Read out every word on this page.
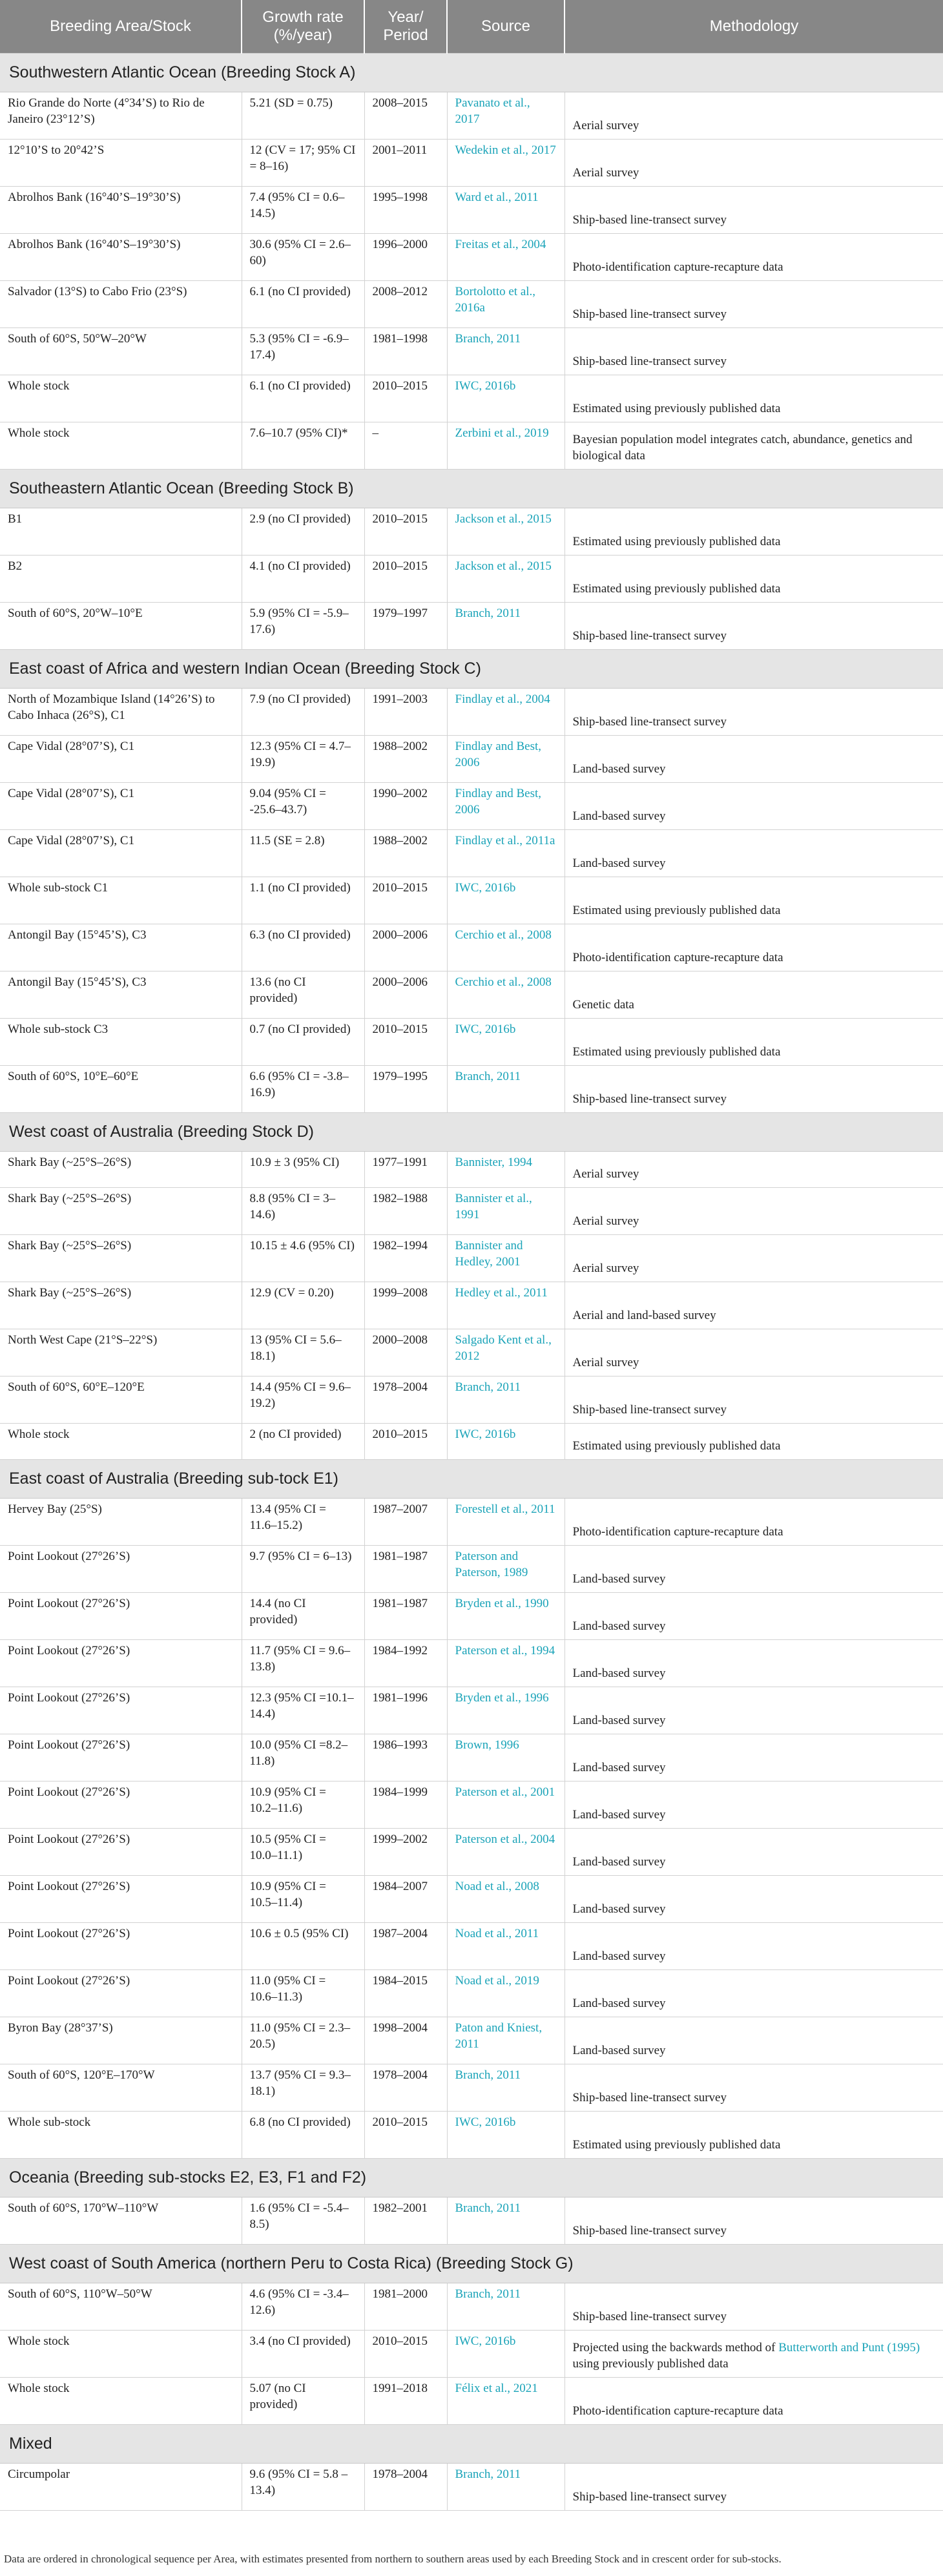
Breeding Area/Stock	Growth rate (%/year)	Year/ Period	Source	Methodology
Southwestern Atlantic Ocean (Breeding Stock A)				
Rio Grande do Norte (4°34’S) to Rio de Janeiro (23°12’S)	5.21 (SD = 0.75)	2008–2015	Pavanato et al., 2017	Aerial survey
12°10’S to 20°42’S	12 (CV = 17; 95% CI = 8–16)	2001–2011	Wedekin et al., 2017	Aerial survey
Abrolhos Bank (16°40’S–19°30’S)	7.4 (95% CI = 0.6–14.5)	1995–1998	Ward et al., 2011	Ship-based line-transect survey
Abrolhos Bank (16°40’S–19°30’S)	30.6 (95% CI = 2.6–60)	1996–2000	Freitas et al., 2004	Photo-identification capture-recapture data
Salvador (13°S) to Cabo Frio (23°S)	6.1 (no CI provided)	2008–2012	Bortolotto et al., 2016a	Ship-based line-transect survey
South of 60°S, 50°W–20°W	5.3 (95% CI = -6.9–17.4)	1981–1998	Branch, 2011	Ship-based line-transect survey
Whole stock	6.1 (no CI provided)	2010–2015	IWC, 2016b	Estimated using previously published data
Whole stock	7.6–10.7 (95% CI)*	–	Zerbini et al., 2019	Bayesian population model integrates catch, abundance, genetics and biological data
Southeastern Atlantic Ocean (Breeding Stock B)				
B1	2.9 (no CI provided)	2010–2015	Jackson et al., 2015	Estimated using previously published data
B2	4.1 (no CI provided)	2010–2015	Jackson et al., 2015	Estimated using previously published data
South of 60°S, 20°W–10°E	5.9 (95% CI = -5.9–17.6)	1979–1997	Branch, 2011	Ship-based line-transect survey
East coast of Africa and western Indian Ocean (Breeding Stock C)				
North of Mozambique Island (14°26’S) to Cabo Inhaca (26°S), C1	7.9 (no CI provided)	1991–2003	Findlay et al., 2004	Ship-based line-transect survey
Cape Vidal (28°07’S), C1	12.3 (95% CI = 4.7–19.9)	1988–2002	Findlay and Best, 2006	Land-based survey
Cape Vidal (28°07’S), C1	9.04 (95% CI = -25.6–43.7)	1990–2002	Findlay and Best, 2006	Land-based survey
Cape Vidal (28°07’S), C1	11.5 (SE = 2.8)	1988–2002	Findlay et al., 2011a	Land-based survey
Whole sub-stock C1	1.1 (no CI provided)	2010–2015	IWC, 2016b	Estimated using previously published data
Antongil Bay (15°45’S), C3	6.3 (no CI provided)	2000–2006	Cerchio et al., 2008	Photo-identification capture-recapture data
Antongil Bay (15°45’S), C3	13.6 (no CI provided)	2000–2006	Cerchio et al., 2008	Genetic data
Whole sub-stock C3	0.7 (no CI provided)	2010–2015	IWC, 2016b	Estimated using previously published data
South of 60°S, 10°E–60°E	6.6 (95% CI = -3.8–16.9)	1979–1995	Branch, 2011	Ship-based line-transect survey
West coast of Australia (Breeding Stock D)				
Shark Bay (~25°S–26°S)	10.9 ± 3 (95% CI)	1977–1991	Bannister, 1994	Aerial survey
Shark Bay (~25°S–26°S)	8.8 (95% CI = 3–14.6)	1982–1988	Bannister et al., 1991	Aerial survey
Shark Bay (~25°S–26°S)	10.15 ± 4.6 (95% CI)	1982–1994	Bannister and Hedley, 2001	Aerial survey
Shark Bay (~25°S–26°S)	12.9 (CV = 0.20)	1999–2008	Hedley et al., 2011	Aerial and land-based survey
North West Cape (21°S–22°S)	13 (95% CI = 5.6–18.1)	2000–2008	Salgado Kent et al., 2012	Aerial survey
South of 60°S, 60°E–120°E	14.4 (95% CI = 9.6–19.2)	1978–2004	Branch, 2011	Ship-based line-transect survey
Whole stock	2 (no CI provided)	2010–2015	IWC, 2016b	Estimated using previously published data
East coast of Australia (Breeding sub-tock E1)				
Hervey Bay (25°S)	13.4 (95% CI = 11.6–15.2)	1987–2007	Forestell et al., 2011	Photo-identification capture-recapture data
Point Lookout (27°26’S)	9.7 (95% CI = 6–13)	1981–1987	Paterson and Paterson, 1989	Land-based survey
Point Lookout (27°26’S)	14.4 (no CI provided)	1981–1987	Bryden et al., 1990	Land-based survey
Point Lookout (27°26’S)	11.7 (95% CI = 9.6–13.8)	1984–1992	Paterson et al., 1994	Land-based survey
Point Lookout (27°26’S)	12.3 (95% CI =10.1–14.4)	1981–1996	Bryden et al., 1996	Land-based survey
Point Lookout (27°26’S)	10.0 (95% CI =8.2–11.8)	1986–1993	Brown, 1996	Land-based survey
Point Lookout (27°26’S)	10.9 (95% CI = 10.2–11.6)	1984–1999	Paterson et al., 2001	Land-based survey
Point Lookout (27°26’S)	10.5 (95% CI = 10.0–11.1)	1999–2002	Paterson et al., 2004	Land-based survey
Point Lookout (27°26’S)	10.9 (95% CI = 10.5–11.4)	1984–2007	Noad et al., 2008	Land-based survey
Point Lookout (27°26’S)	10.6 ± 0.5 (95% CI)	1987–2004	Noad et al., 2011	Land-based survey
Point Lookout (27°26’S)	11.0 (95% CI = 10.6–11.3)	1984–2015	Noad et al., 2019	Land-based survey
Byron Bay (28°37’S)	11.0 (95% CI = 2.3–20.5)	1998–2004	Paton and Kniest, 2011	Land-based survey
South of 60°S, 120°E–170°W	13.7 (95% CI = 9.3–18.1)	1978–2004	Branch, 2011	Ship-based line-transect survey
Whole sub-stock	6.8 (no CI provided)	2010–2015	IWC, 2016b	Estimated using previously published data
Oceania (Breeding sub-stocks E2, E3, F1 and F2)				
South of 60°S, 170°W–110°W	1.6 (95% CI = -5.4–8.5)	1982–2001	Branch, 2011	Ship-based line-transect survey
West coast of South America (northern Peru to Costa Rica) (Breeding Stock G)				
South of 60°S, 110°W–50°W	4.6 (95% CI = -3.4–12.6)	1981–2000	Branch, 2011	Ship-based line-transect survey
Whole stock	3.4 (no CI provided)	2010–2015	IWC, 2016b	Projected using the backwards method of Butterworth and Punt (1995) using previously published data
Whole stock	5.07 (no CI provided)	1991–2018	Félix et al., 2021	Photo-identification capture-recapture data
Mixed				
Circumpolar	9.6 (95% CI = 5.8 –13.4)	1978–2004	Branch, 2011	Ship-based line-transect survey
Data are ordered in chronological sequence per Area, with estimates presented from northern to southern areas used by each Breeding Stock and in crescent order for sub-stocks.
